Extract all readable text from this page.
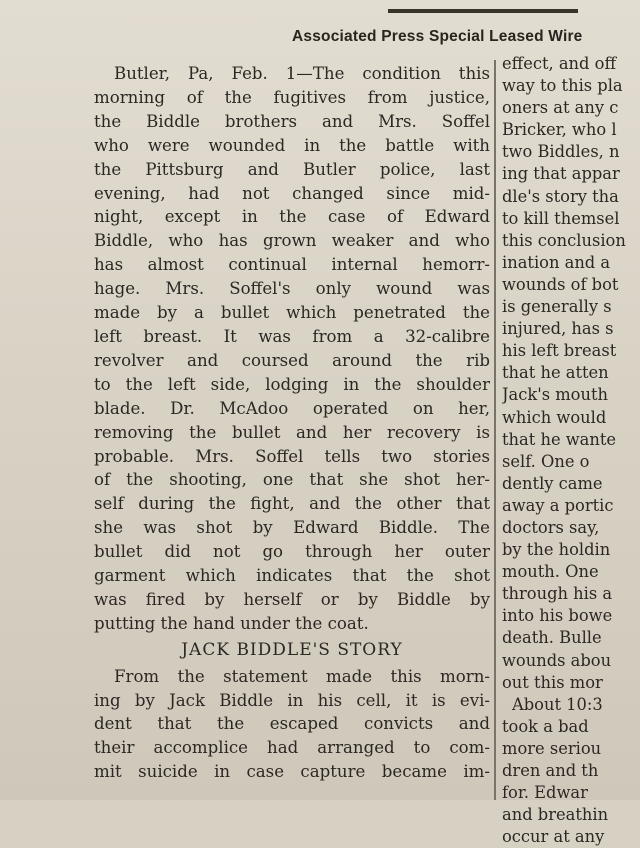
Associated Press Special Leased Wire
Butler, Pa, Feb. 1—The condition this
morning of the fugitives from justice,
the Biddle brothers and Mrs. Soffel
who were wounded in the battle with
the Pittsburg and Butler police, last
evening, had not changed since mid-
night, except in the case of Edward
Biddle, who has grown weaker and who
has almost continual internal hemorr-
hage. Mrs. Soffel's only wound was
made by a bullet which penetrated the
left breast. It was from a 32-calibre
revolver and coursed around the rib
to the left side, lodging in the shoulder
blade. Dr. McAdoo operated on her,
removing the bullet and her recovery is
probable. Mrs. Soffel tells two stories
of the shooting, one that she shot her-
self during the fight, and the other that
she was shot by Edward Biddle. The
bullet did not go through her outer
garment which indicates that the shot
was fired by herself or by Biddle by
putting the hand under the coat.
JACK BIDDLE'S STORY
From the statement made this morn-
ing by Jack Biddle in his cell, it is evi-
dent that the escaped convicts and
their accomplice had arranged to com-
mit suicide in case capture became im-
effect, and off
way to this pla
oners at any c
Bricker, who l
two Biddles, n
ing that appar
dle's story tha
to kill themsel
this conclusion
ination and a
wounds of bot
is generally s
injured, has s
his left breast
that he atten
Jack's mouth
which would
that he wante
self. One o
dently came
away a portic
doctors say,
by the holdin
mouth. One
through his a
into his bowe
death. Bulle
wounds abou
out this mor
About 10:3
took a bad
more seriou
dren and th
for. Edwar
and breathin
occur at any
